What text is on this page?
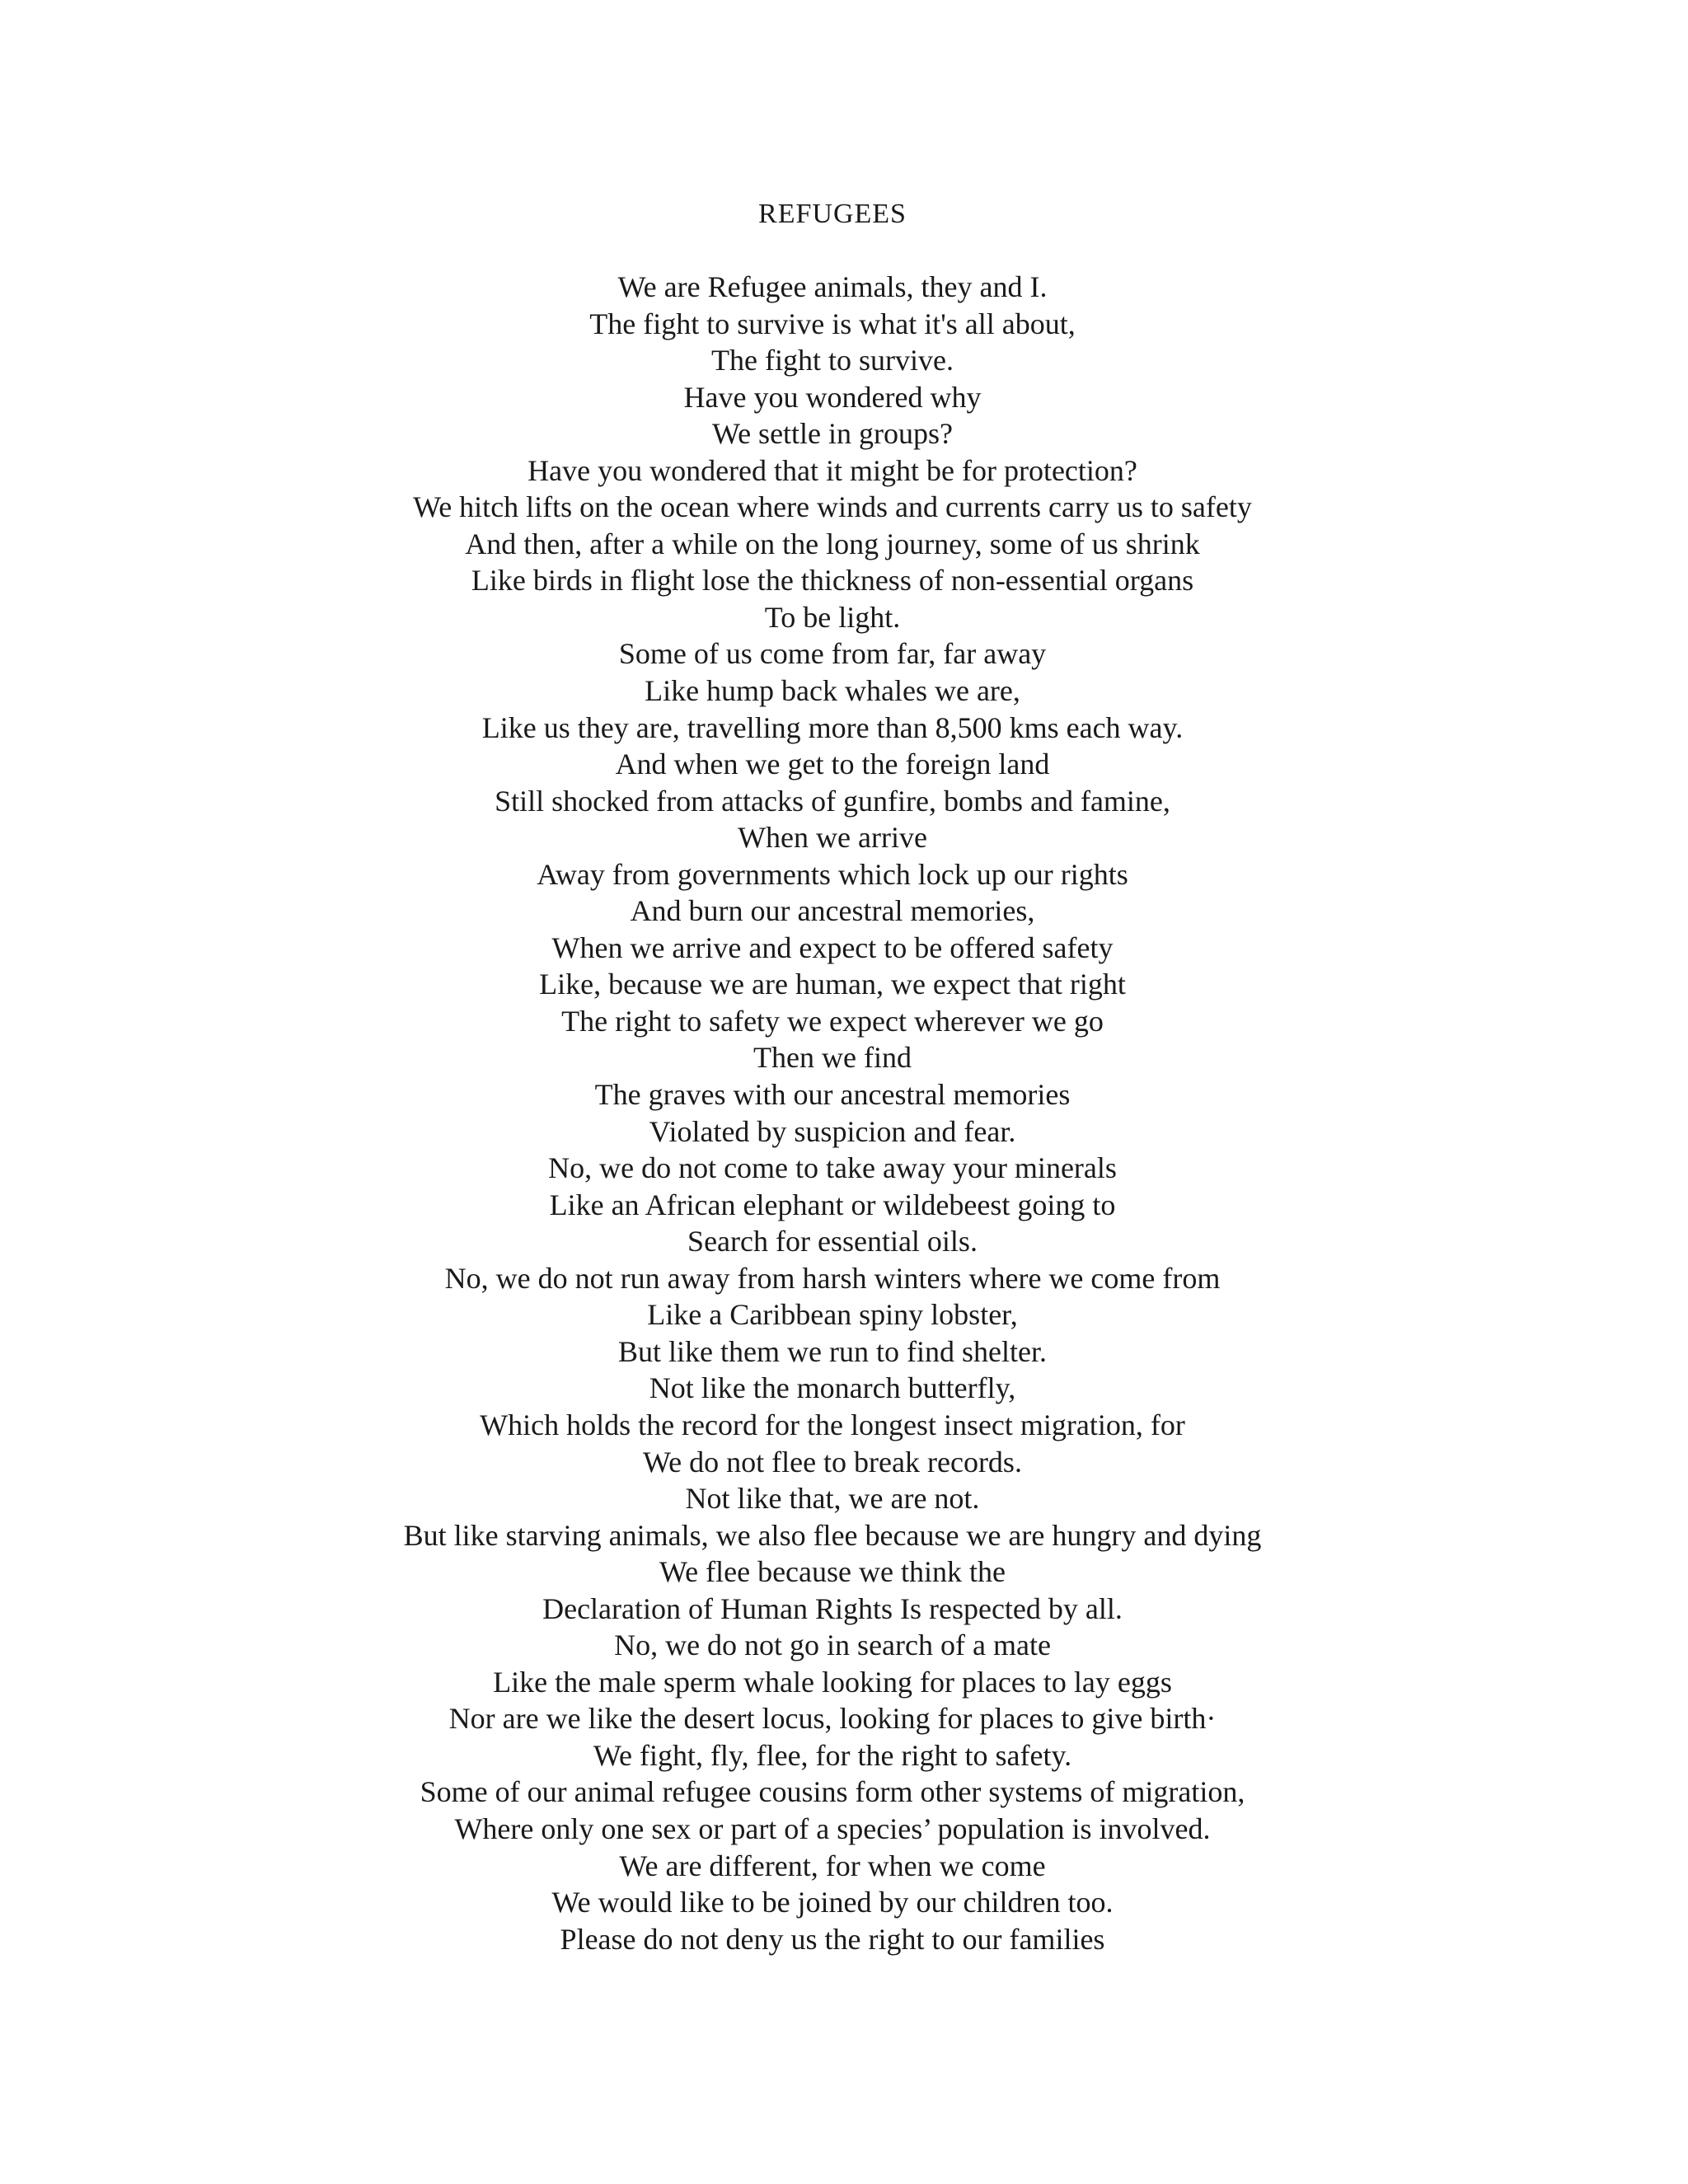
REFUGEES
We are Refugee animals, they and I.
The fight to survive is what it's all about,
The fight to survive.
Have you wondered why
We settle in groups?
Have you wondered that it might be for protection?
We hitch lifts on the ocean where winds and currents carry us to safety
And then, after a while on the long journey, some of us shrink
Like birds in flight lose the thickness of non-essential organs
To be light.
Some of us come from far, far away
Like hump back whales we are,
Like us they are, travelling more than 8,500 kms each way.
And when we get to the foreign land
Still shocked from attacks of gunfire, bombs and famine,
When we arrive
Away from governments which lock up our rights
And burn our ancestral memories,
When we arrive and expect to be offered safety
Like, because we are human, we expect that right
The right to safety we expect wherever we go
Then we find
The graves with our ancestral memories
Violated by suspicion and fear.
No, we do not come to take away your minerals
Like an African elephant or wildebeest going to
Search for essential oils.
No, we do not run away from harsh winters where we come from
Like a Caribbean spiny lobster,
But like them we run to find shelter.
Not like the monarch butterfly,
Which holds the record for the longest insect migration, for
We do not flee to break records.
Not like that, we are not.
But like starving animals, we also flee because we are hungry and dying
We flee because we think the
Declaration of Human Rights Is respected by all.
No, we do not go in search of a mate
Like the male sperm whale looking for places to lay eggs
Nor are we like the desert locus, looking for places to give birth·
We fight, fly, flee, for the right to safety.
Some of our animal refugee cousins form other systems of migration,
Where only one sex or part of a species’ population is involved.
We are different, for when we come
We would like to be joined by our children too.
Please do not deny us the right to our families
